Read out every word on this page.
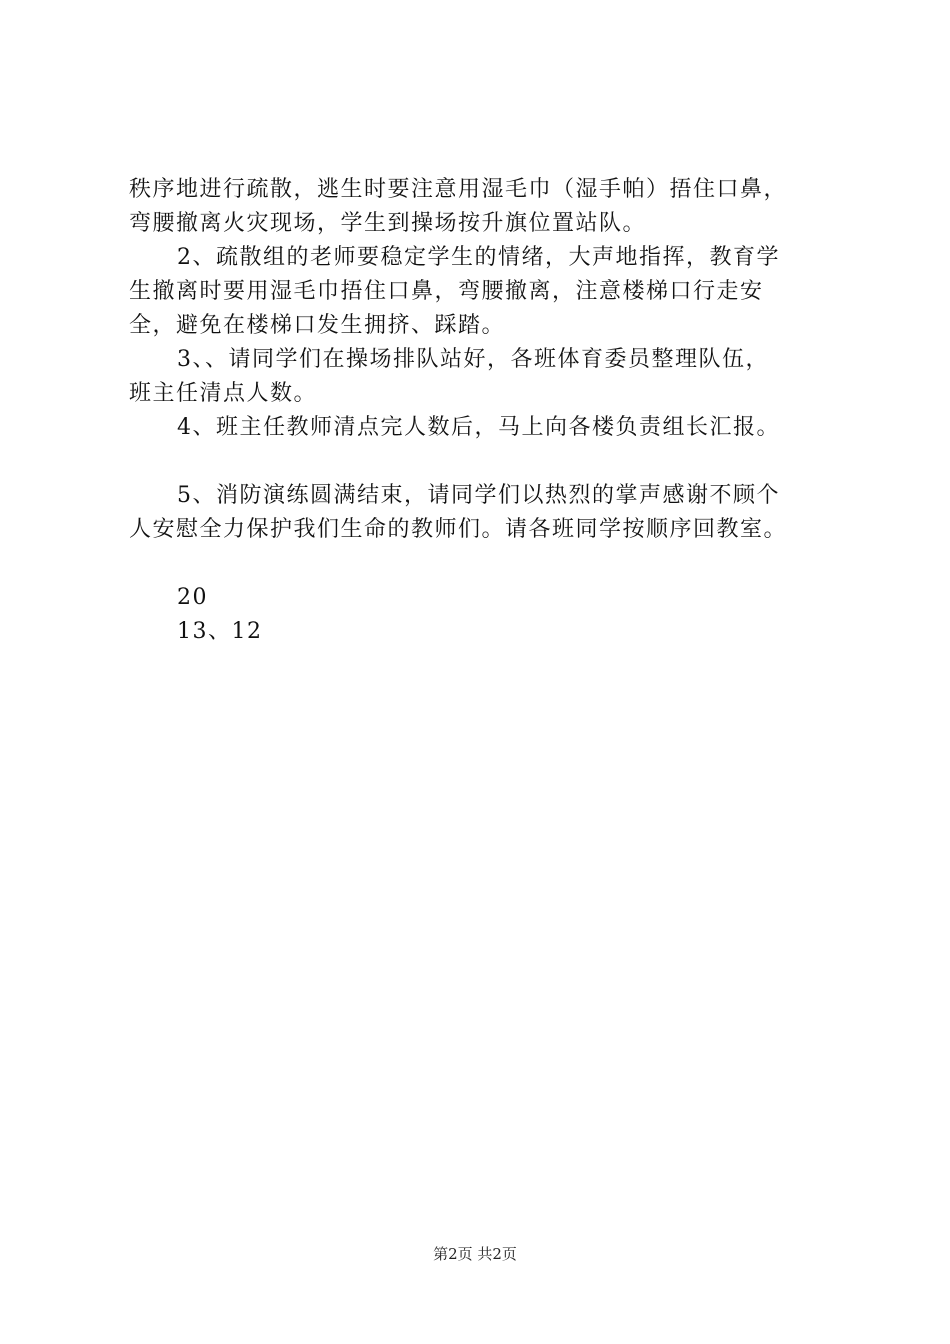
秩序地进行疏散，逃生时要注意用湿毛巾（湿手帕）捂住口鼻，
弯腰撤离火灾现场，学生到操场按升旗位置站队。
2、疏散组的老师要稳定学生的情绪，大声地指挥，教育学
生撤离时要用湿毛巾捂住口鼻，弯腰撤离，注意楼梯口行走安
全，避免在楼梯口发生拥挤、踩踏。
3、、请同学们在操场排队站好，各班体育委员整理队伍，
班主任清点人数。
4、班主任教师清点完人数后，马上向各楼负责组长汇报。
5、消防演练圆满结束，请同学们以热烈的掌声感谢不顾个
人安慰全力保护我们生命的教师们。请各班同学按顺序回教室。
20
13、12
第2页 共2页
